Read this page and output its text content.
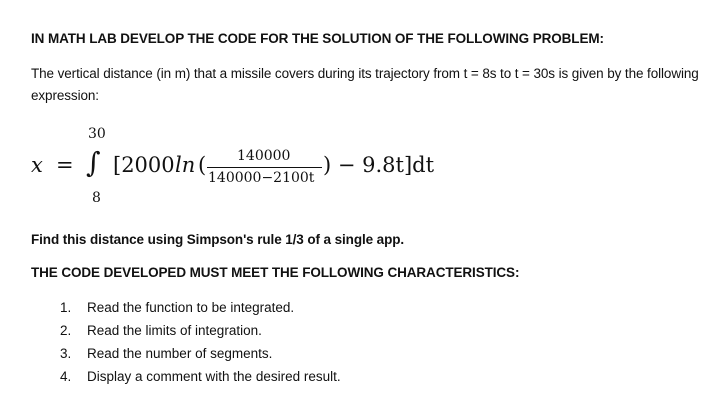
IN MATH LAB DEVELOP THE CODE FOR THE SOLUTION OF THE FOLLOWING PROBLEM:
The vertical distance (in m) that a missile covers during its trajectory from t = 8s to t = 30s is given by the following expression:
30
x = ∫ [2000 ln ( 140000
140000−2100t
) − 9.8t]dt
8
Find this distance using Simpson's rule 1/3 of a single app.
THE CODE DEVELOPED MUST MEET THE FOLLOWING CHARACTERISTICS:
1. Read the function to be integrated.
2. Read the limits of integration.
3. Read the number of segments.
4. Display a comment with the desired result.
